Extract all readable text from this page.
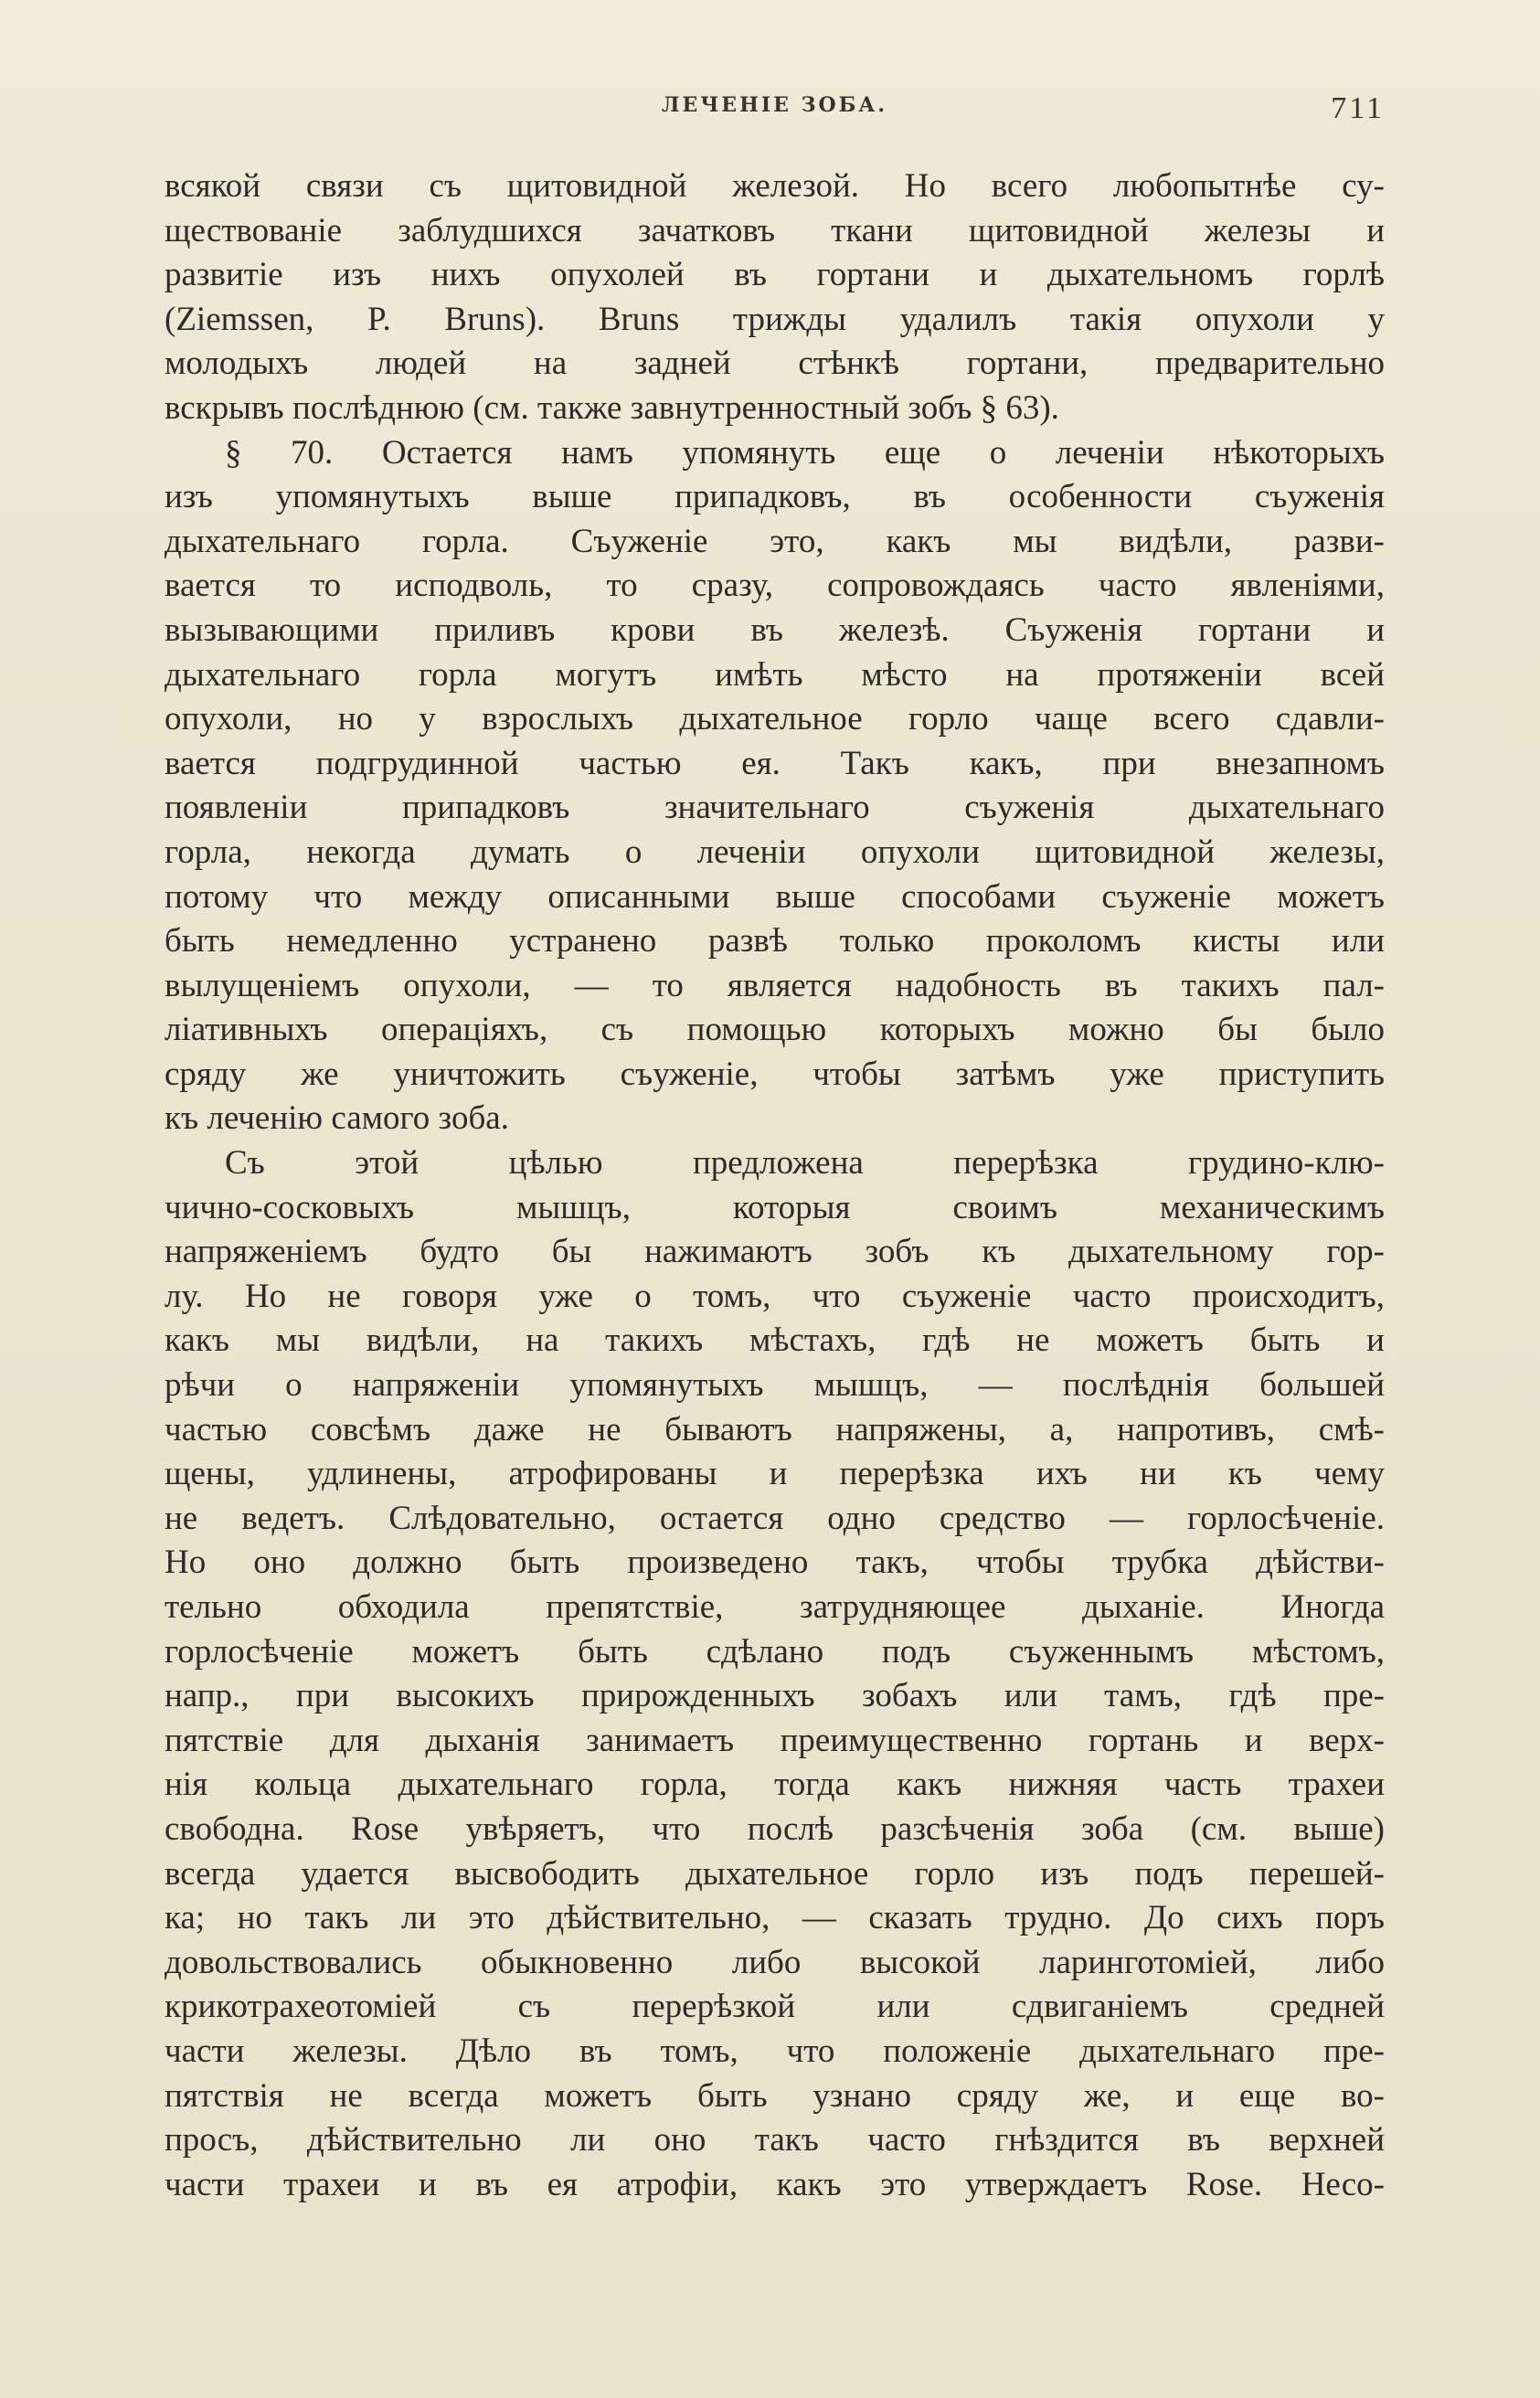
ЛЕЧЕНІЕ ЗОБА.	711
всякой связи съ щитовидной железой. Но всего любопытнѣе су-
ществованіе заблудшихся зачатковъ ткани щитовидной железы и
развитіе изъ нихъ опухолей въ гортани и дыхательномъ горлѣ
(Ziemssen, P. Bruns). Bruns трижды удалилъ такія опухоли у
молодыхъ людей на задней стѣнкѣ гортани, предварительно
вскрывъ послѣднюю (см. также завнутренностный зобъ § 63).
§ 70. Остается намъ упомянуть еще о леченіи нѣкоторыхъ
изъ упомянутыхъ выше припадковъ, въ особенности съуженія
дыхательнаго горла. Съуженіе это, какъ мы видѣли, разви-
вается то исподволь, то сразу, сопровождаясь часто явленіями,
вызывающими приливъ крови въ железѣ. Съуженія гортани и
дыхательнаго горла могутъ имѣть мѣсто на протяженіи всей
опухоли, но у взрослыхъ дыхательное горло чаще всего сдавли-
вается подгрудинной частью ея. Такъ какъ, при внезапномъ
появленіи припадковъ значительнаго съуженія дыхательнаго
горла, некогда думать о леченіи опухоли щитовидной железы,
потому что между описанными выше способами съуженіе можетъ
быть немедленно устранено развѣ только проколомъ кисты или
вылущеніемъ опухоли, — то является надобность въ такихъ пал-
ліативныхъ операціяхъ, съ помощью которыхъ можно бы было
сряду же уничтожить съуженіе, чтобы затѣмъ уже приступить
къ леченію самого зоба.
Съ этой цѣлью предложена перерѣзка грудино-клю-
чично-сосковыхъ мышцъ, которыя своимъ механическимъ
напряженіемъ будто бы нажимаютъ зобъ къ дыхательному гор-
лу. Но не говоря уже о томъ, что съуженіе часто происходитъ,
какъ мы видѣли, на такихъ мѣстахъ, гдѣ не можетъ быть и
рѣчи о напряженіи упомянутыхъ мышцъ, — послѣднія большей
частью совсѣмъ даже не бываютъ напряжены, а, напротивъ, смѣ-
щены, удлинены, атрофированы и перерѣзка ихъ ни къ чему
не ведетъ. Слѣдовательно, остается одно средство — горлосѣченіе.
Но оно должно быть произведено такъ, чтобы трубка дѣйстви-
тельно обходила препятствіе, затрудняющее дыханіе. Иногда
горлосѣченіе можетъ быть сдѣлано подъ съуженнымъ мѣстомъ,
напр., при высокихъ прирожденныхъ зобахъ или тамъ, гдѣ пре-
пятствіе для дыханія занимаетъ преимущественно гортань и верх-
нія кольца дыхательнаго горла, тогда какъ нижняя часть трахеи
свободна. Rose увѣряетъ, что послѣ разсѣченія зоба (см. выше)
всегда удается высвободить дыхательное горло изъ подъ перешей-
ка; но такъ ли это дѣйствительно, — сказать трудно. До сихъ поръ
довольствовались обыкновенно либо высокой ларинготоміей, либо
крикотрахеотоміей съ перерѣзкой или сдвиганіемъ средней
части железы. Дѣло въ томъ, что положеніе дыхательнаго пре-
пятствія не всегда можетъ быть узнано сряду же, и еще во-
просъ, дѣйствительно ли оно такъ часто гнѣздится въ верхней
части трахеи и въ ея атрофіи, какъ это утверждаетъ Rose. Несо-
